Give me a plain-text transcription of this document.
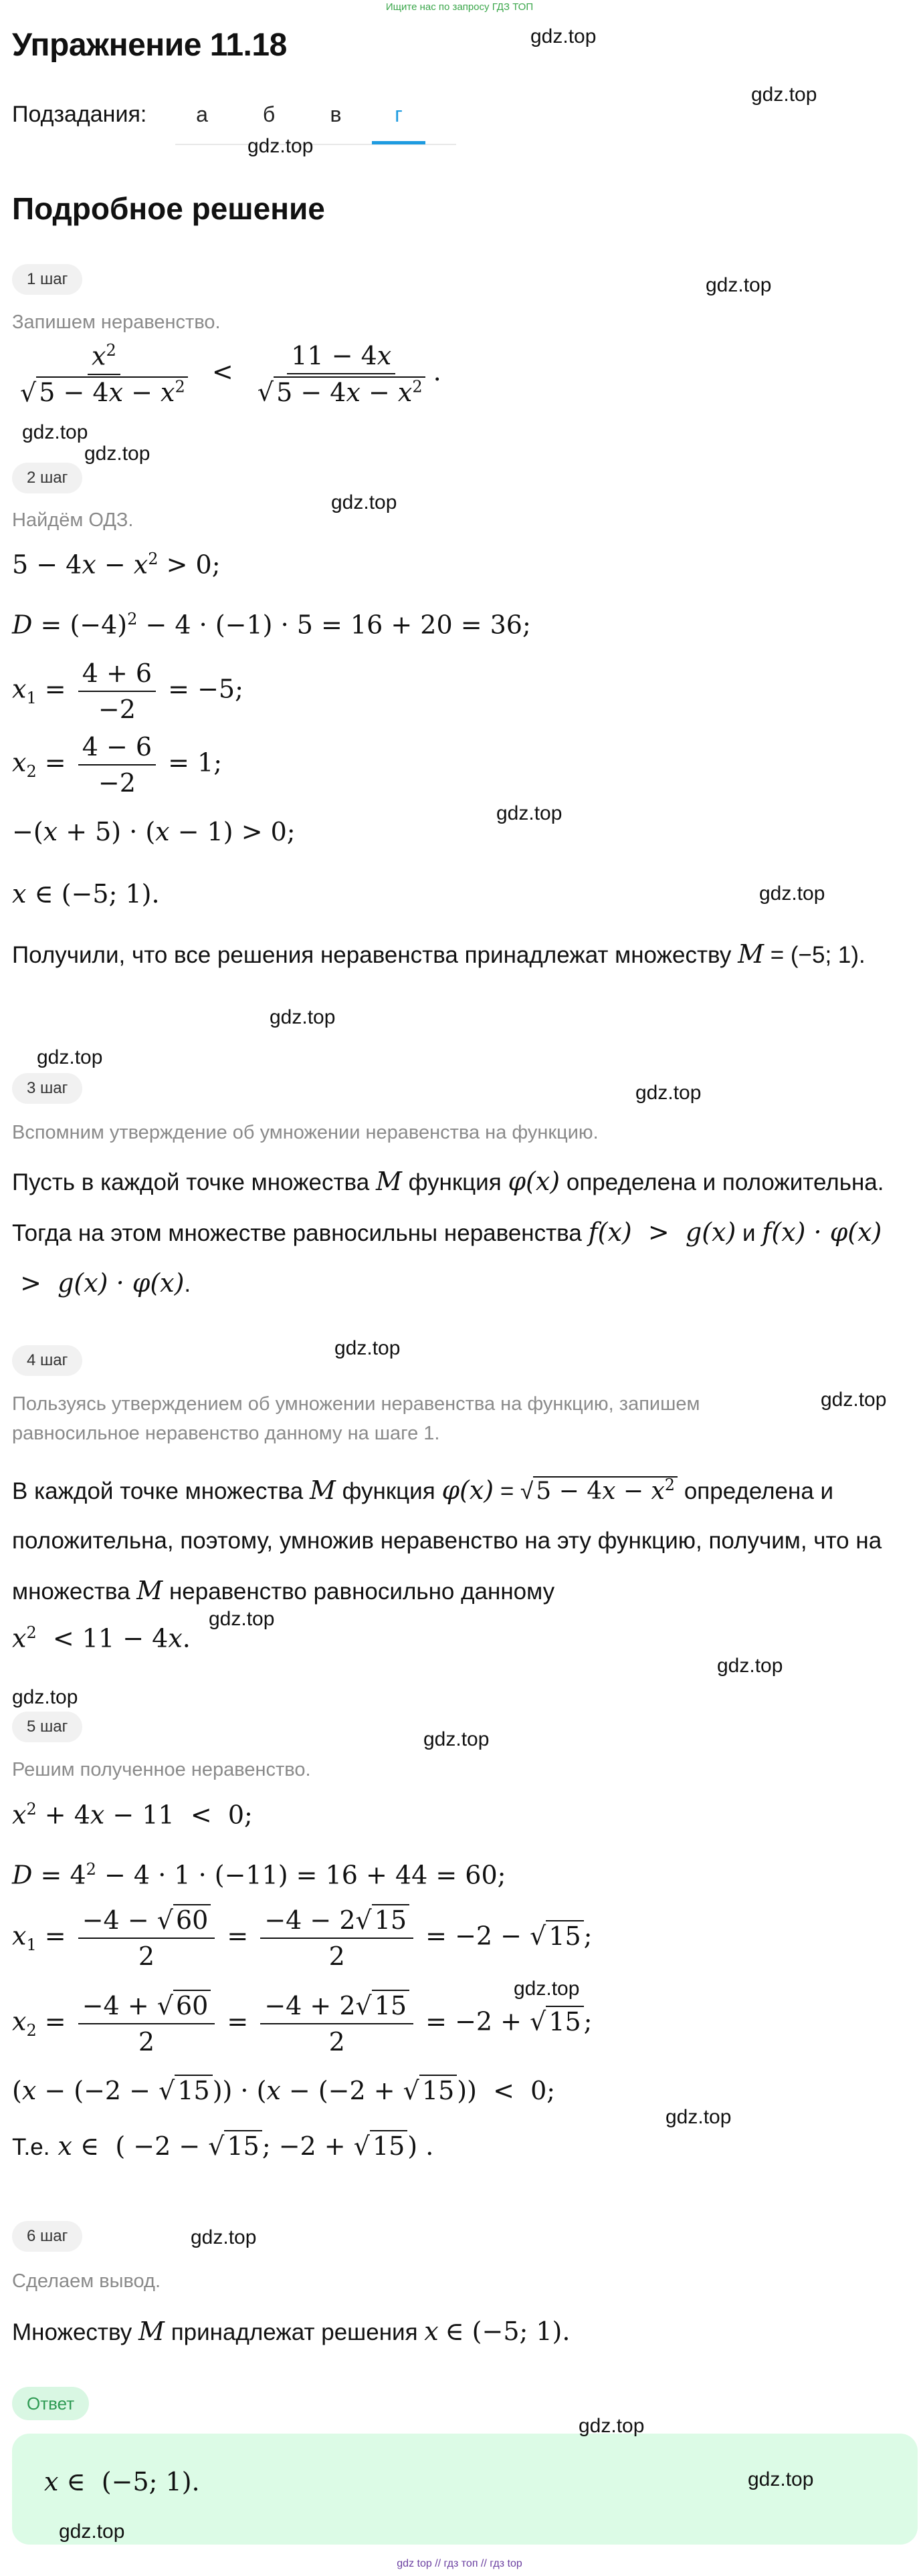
Ищите нас по запросу ГДЗ ТОП
Упражнение 11.18
Подзадания:	а	б	в	г
Подробное решение
1 шаг
Запишем неравенство.
$\frac{x^2}{√ 5 - 4x - x^2} < \frac{11 - 4x}{√ 5 - 4x - x^2}$ .
2 шаг
Найдём ОДЗ.
$5 - 4x - x^2 > 0$;
$D = (-4)^2 - 4 \cdot (-1) \cdot 5 = 16 + 20 = 36$;
$x_1 = \frac{4 + 6}{-2} = -5$;
$x_2 = \frac{4 - 6}{-2} = 1$;
−(x + 5) · (x − 1) > 0;
x ∈ (−5; 1).
Получили, что все решения неравенства принадлежат множеству M = (−5; 1).
3 шаг
Вспомним утверждение об умножении неравенства на функцию.
Пусть в каждой точке множества M функция φ(x) определена и положительна. Тогда на этом множестве равносильны неравенства f(x)  >  g(x) и f(x) · φ(x)  >  g(x) · φ(x).
4 шаг
Пользуясь утверждением об умножении неравенства на функцию, запишем равносильное неравенство данному на шаге 1.
В каждой точке множества M функция φ(x) = √ $5 - 4x - x^2$ определена и положительна, поэтому, умножив неравенство на эту функцию, получим, что на множества M неравенство равносильно данному
$x^2 < 11 - 4x$.
5 шаг
Решим полученное неравенство.
$x^2 + 4x - 11 < 0$;
$D = 4^2 - 4 \cdot 1 \cdot (-11) = 16 + 44 = 60$;
$x_1 = \frac{-4 - √ 60}{2} = \frac{-4 - 2√ 15}{2} = -2$ − √ 15 ;
$x_2 = \frac{-4 + √ 60}{2} = \frac{-4 + 2√ 15}{2} = -2$ + √ 15 ;
(x − (−2 − √ 15 )) · (x − (−2 + √ 15 ))  <  0;
Т.е. x ∈  ( −2 − √ 15 ; −2 + √ 15 ) .
6 шаг
Сделаем вывод.
Множеству M принадлежат решения x ∈ (−5; 1).
Ответ
x ∈  (−5; 1).
gdz.top
gdz.top
gdz.top
gdz.top
gdz.top
gdz.top
gdz.top
gdz.top
gdz.top
gdz.top
gdz.top
gdz.top
gdz.top
gdz.top
gdz.top
gdz.top
gdz.top
gdz.top
gdz.top
gdz.top
gdz.top
gdz.top
gdz.top
gdz.top
gdz top // гдз топ // гдз top
